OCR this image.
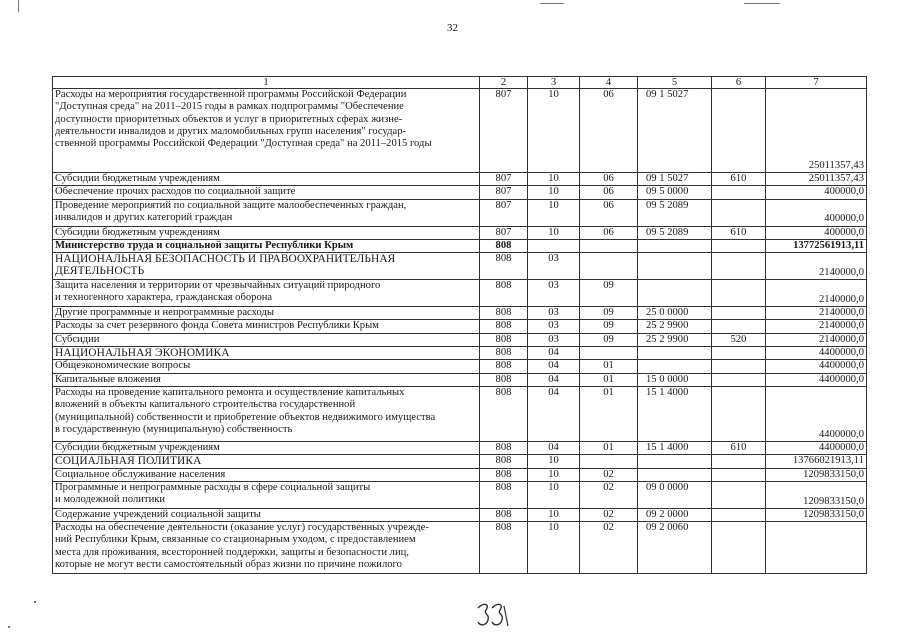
32
1	2	3	4	5	6	7
Расходы на мероприятия государственной программы Российской Федерации
"Доступная среда" на 2011–2015 годы в рамках подпрограммы "Обеспечение
доступности приоритетных объектов и услуг в приоритетных сферах жизне-
деятельности инвалидов и других маломобильных групп населения" государ-
ственной программы Российской Федерации "Доступная среда" на 2011–2015 годы	807	10	06	09 1 5027		25011357,43
Субсидии бюджетным учреждениям	807	10	06	09 1 5027	610	25011357,43
Обеспечение прочих расходов по социальной защите	807	10	06	09 5 0000		400000,0
Проведение мероприятий по социальной защите малообеспеченных граждан,
инвалидов и других категорий граждан	807	10	06	09 5 2089		400000,0
Субсидии бюджетным учреждениям	807	10	06	09 5 2089	610	400000,0
Министерство труда и социальной защиты Республики Крым	808					13772561913,11
НАЦИОНАЛЬНАЯ БЕЗОПАСНОСТЬ И ПРАВООХРАНИТЕЛЬНАЯ
ДЕЯТЕЛЬНОСТЬ	808	03				2140000,0
Защита населения и территории от чрезвычайных ситуаций природного
и техногенного характера, гражданская оборона	808	03	09			2140000,0
Другие программные и непрограммные расходы	808	03	09	25 0 0000		2140000,0
Расходы за счет резервного фонда Совета министров Республики Крым	808	03	09	25 2 9900		2140000,0
Субсидии	808	03	09	25 2 9900	520	2140000,0
НАЦИОНАЛЬНАЯ ЭКОНОМИКА	808	04				4400000,0
Общеэкономические вопросы	808	04	01			4400000,0
Капитальные вложения	808	04	01	15 0 0000		4400000,0
Расходы на проведение капитального ремонта и осуществление капитальных
вложений в объекты капитального строительства государственной
(муниципальной) собственности и приобретение объектов недвижимого имущества
в государственную (муниципальную) собственность	808	04	01	15 1 4000		4400000,0
Субсидии бюджетным учреждениям	808	04	01	15 1 4000	610	4400000,0
СОЦИАЛЬНАЯ ПОЛИТИКА	808	10				13766021913,11
Социальное обслуживание населения	808	10	02			1209833150,0
Программные и непрограммные расходы в сфере социальной защиты
и молодежной политики	808	10	02	09 0 0000		1209833150,0
Содержание учреждений социальной защиты	808	10	02	09 2 0000		1209833150,0
Расходы на обеспечение деятельности (оказание услуг) государственных учрежде-
ний Республики Крым, связанные со стационарным уходом, с предоставлением
места для проживания, всесторонней поддержки, защиты и безопасности лиц,
которые не могут вести самостоятельный образ жизни по причине пожилого	808	10	02	09 2 0060		
